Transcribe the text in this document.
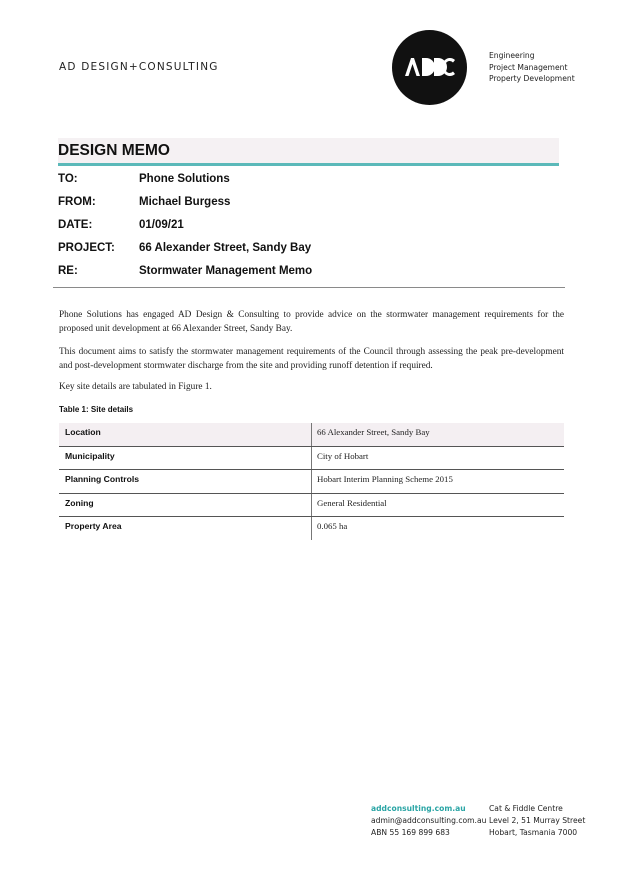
AD DESIGN+CONSULTING
Engineering
Project Management
Property Development
DESIGN MEMO
TO:	Phone Solutions
FROM:	Michael Burgess
DATE:	01/09/21
PROJECT: 66 Alexander Street, Sandy Bay
RE:	Stormwater Management Memo
Phone Solutions has engaged AD Design & Consulting to provide advice on the stormwater management requirements for the proposed unit development at 66 Alexander Street, Sandy Bay.
This document aims to satisfy the stormwater management requirements of the Council through assessing the peak pre-development and post-development stormwater discharge from the site and providing runoff detention if required.
Key site details are tabulated in Figure 1.
Table 1: Site details
Location	66 Alexander Street, Sandy Bay
Municipality	City of Hobart
Planning Controls	Hobart Interim Planning Scheme 2015
Zoning	General Residential
Property Area	0.065 ha
addconsulting.com.au
admin@addconsulting.com.au
ABN 55 169 899 683
Cat & Fiddle Centre
Level 2, 51 Murray Street
Hobart, Tasmania 7000
